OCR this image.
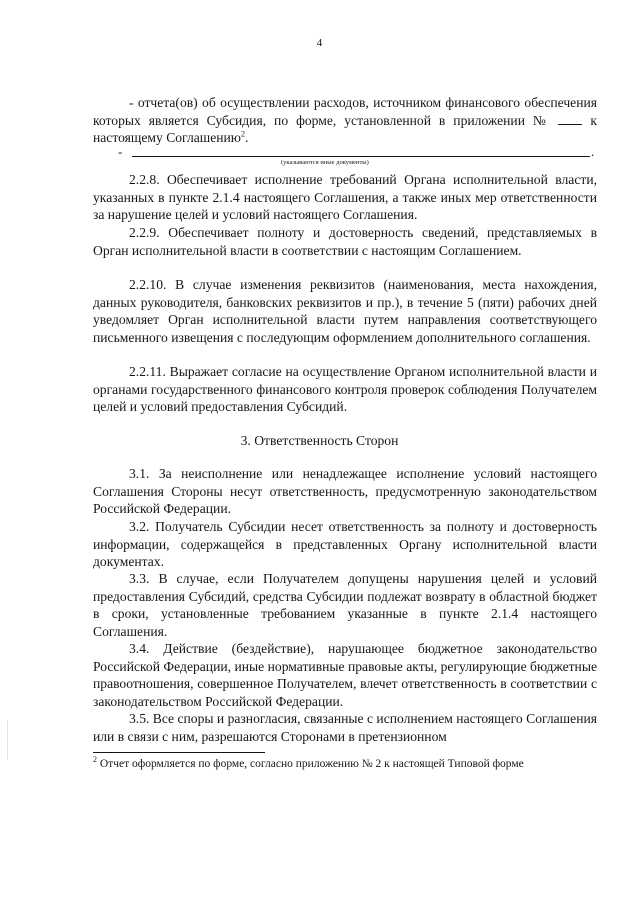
4
- отчета(ов) об осуществлении расходов, источником финансового обеспечения которых является Субсидия, по форме, установленной в приложении №	к настоящему Соглашению$^2$.
-	.
(указываются иные документы)
2.2.8. Обеспечивает исполнение требований Органа исполнительной власти, указанных в пункте 2.1.4 настоящего Соглашения, а также иных мер ответственности за нарушение целей и условий настоящего Соглашения.
2.2.9. Обеспечивает полноту и достоверность сведений, представляемых в Орган исполнительной власти в соответствии с настоящим Соглашением.
2.2.10. В случае изменения реквизитов (наименования, места нахождения, данных руководителя, банковских реквизитов и пр.), в течение 5 (пяти) рабочих дней уведомляет Орган исполнительной власти путем направления соответствующего письменного извещения с последующим оформлением дополнительного соглашения.
2.2.11. Выражает согласие на осуществление Органом исполнительной власти и органами государственного финансового контроля проверок соблюдения Получателем целей и условий предоставления Субсидий.
3. Ответственность Сторон
3.1. За неисполнение или ненадлежащее исполнение условий настоящего Соглашения Стороны несут ответственность, предусмотренную законодательством Российской Федерации.
3.2. Получатель Субсидии несет ответственность за полноту и достоверность информации, содержащейся в представленных Органу исполнительной власти документах.
3.3. В случае, если Получателем допущены нарушения целей и условий предоставления Субсидий, средства Субсидии подлежат возврату в областной бюджет в сроки, установленные требованием указанные в пункте 2.1.4 настоящего Соглашения.
3.4. Действие (бездействие), нарушающее бюджетное законодательство Российской Федерации, иные нормативные правовые акты, регулирующие бюджетные правоотношения, совершенное Получателем, влечет ответственность в соответствии с законодательством Российской Федерации.
3.5. Все споры и разногласия, связанные с исполнением настоящего Соглашения или в связи с ним, разрешаются Сторонами в претензионном
$^2$ Отчет оформляется по форме, согласно приложению № 2 к настоящей Типовой форме
